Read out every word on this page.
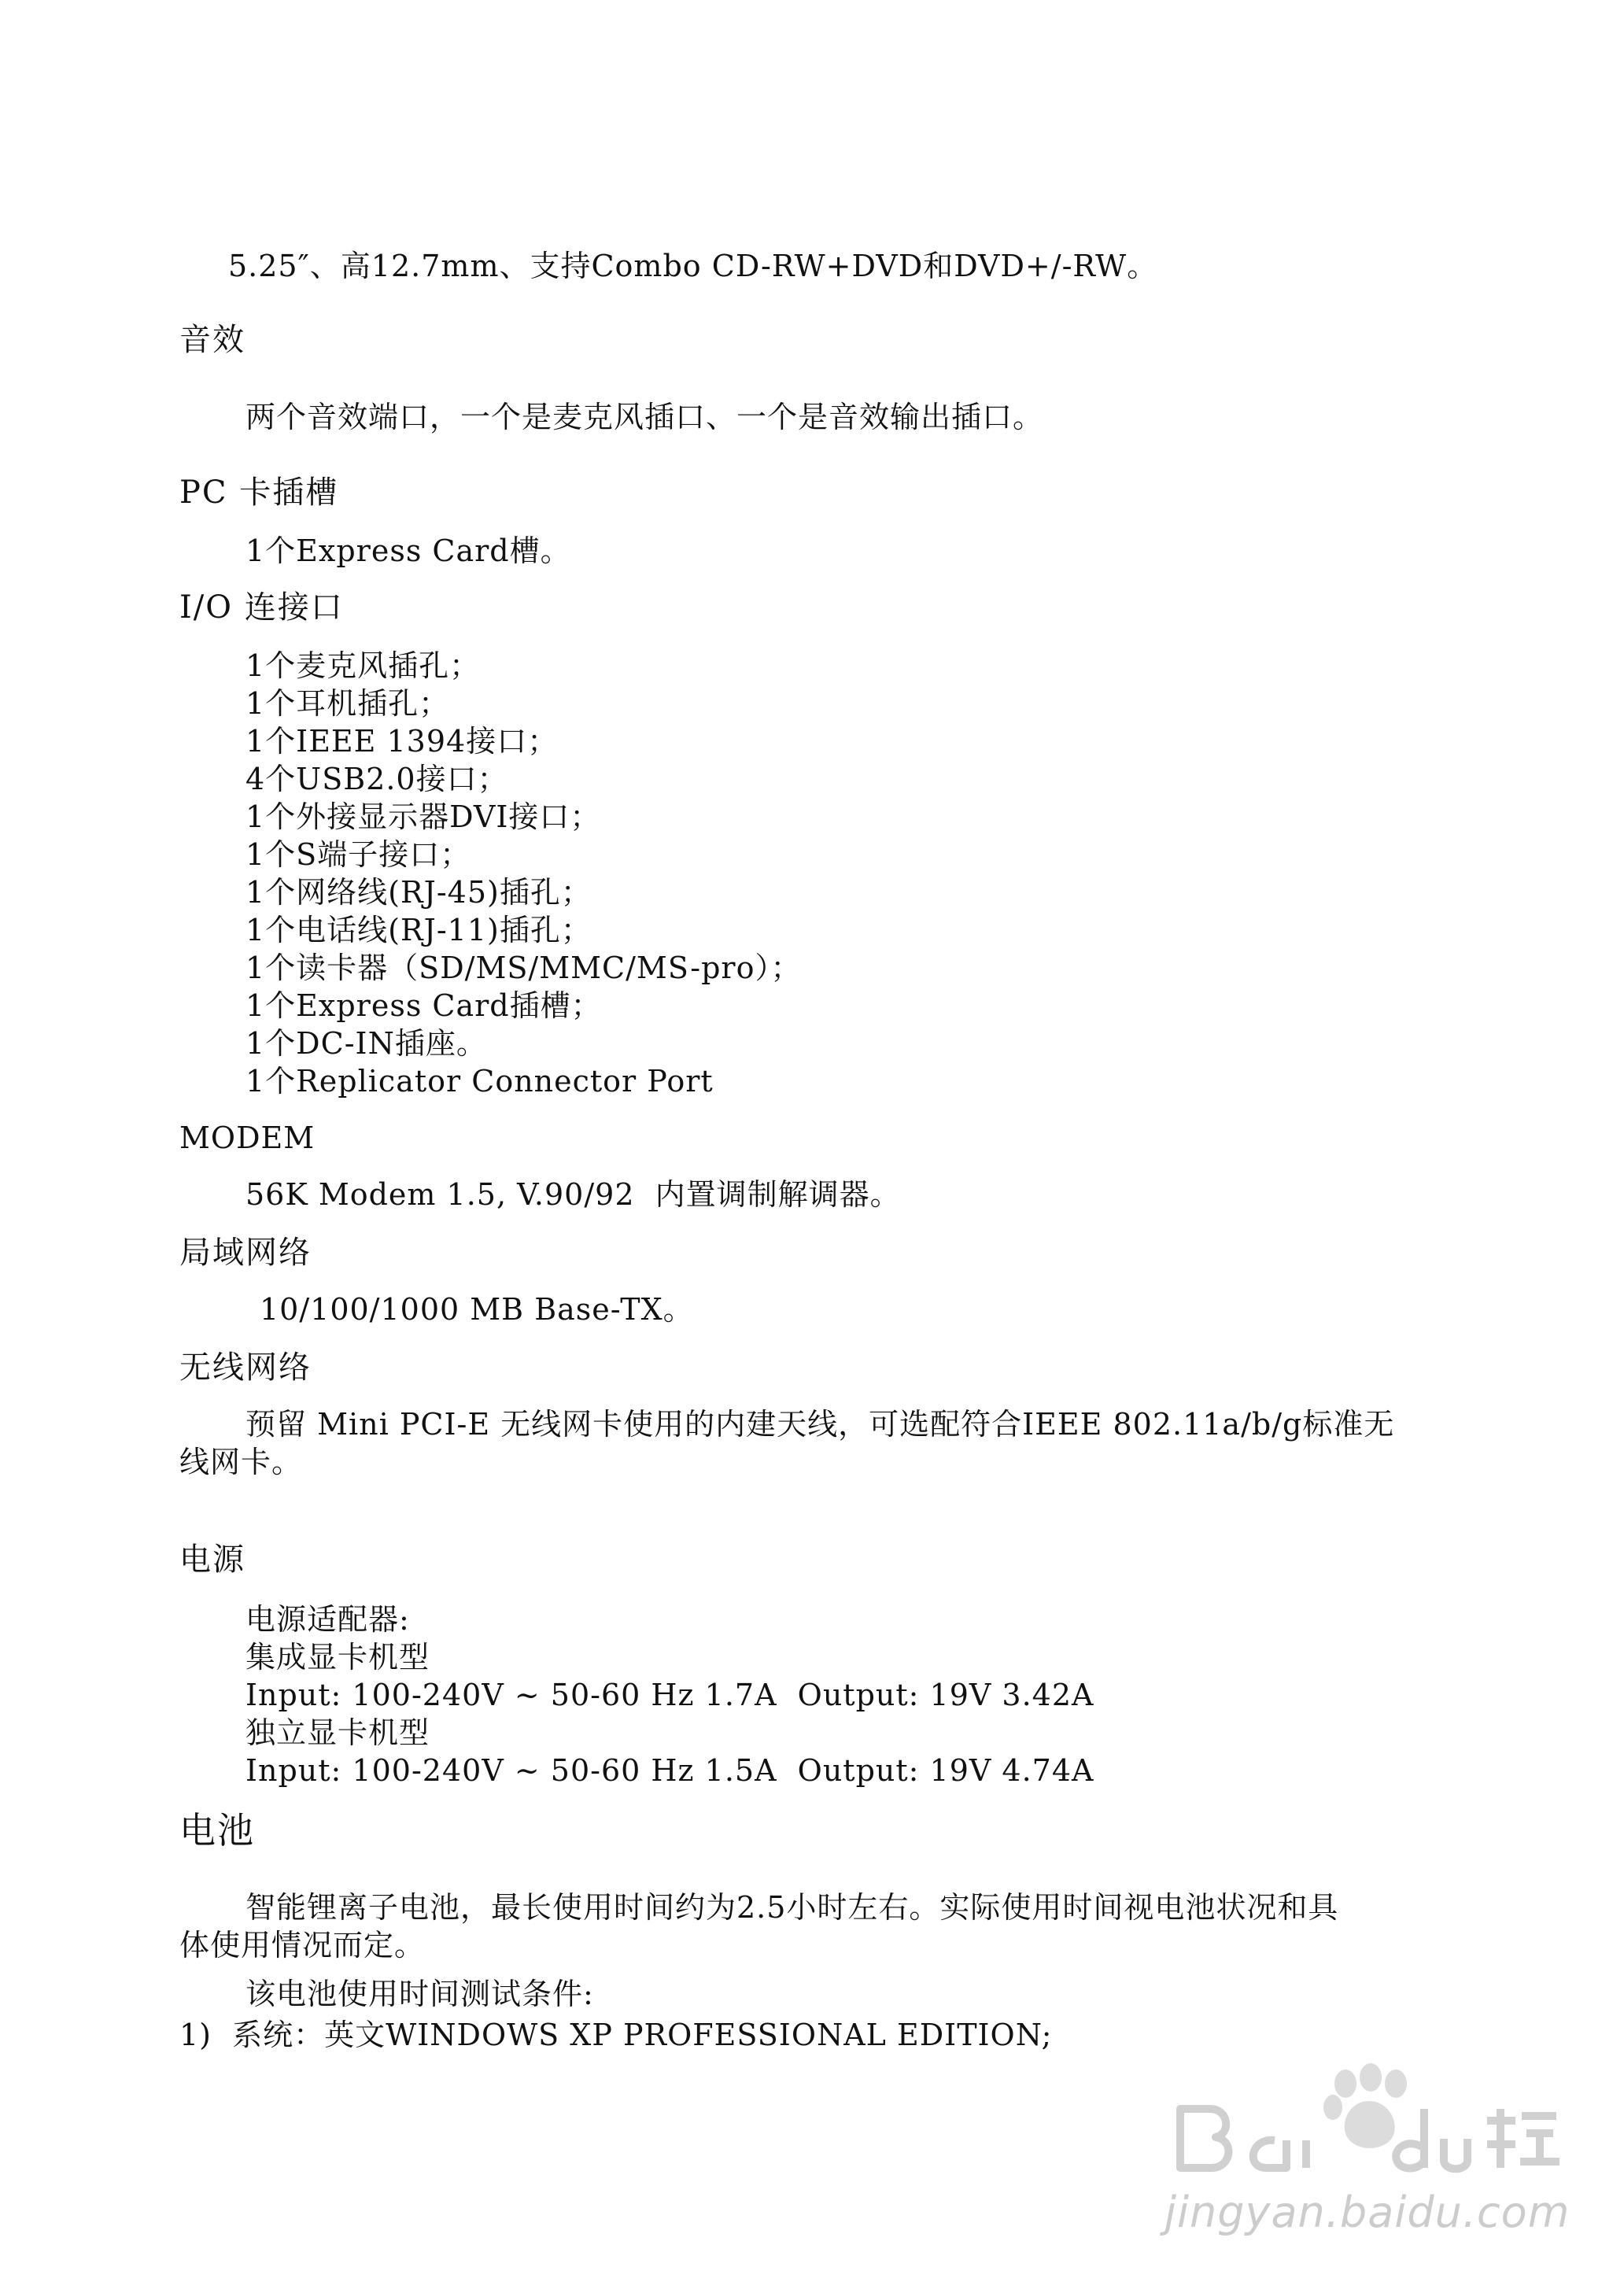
5.25″、高12.7mm、支持Combo CD-RW+DVD和DVD+/-RW。
音效
两个音效端口，一个是麦克风插口、一个是音效输出插口。
PC 卡插槽
1个Express Card槽。
I/O 连接口
1个麦克风插孔；
1个耳机插孔；
1个IEEE 1394接口；
4个USB2.0接口；
1个外接显示器DVI接口；
1个S端子接口；
1个网络线(RJ-45)插孔；
1个电话线(RJ-11)插孔；
1个读卡器（SD/MS/MMC/MS-pro）；
1个Express Card插槽；
1个DC-IN插座。
1个Replicator Connector Port
MODEM
56K Modem 1.5, V.90/92  内置调制解调器。
局域网络
10/100/1000 MB Base-TX。
无线网络
预留 Mini PCI-E 无线网卡使用的内建天线，可选配符合IEEE 802.11a/b/g标准无
线网卡。
电源
电源适配器:
集成显卡机型
Input: 100-240V ~ 50-60 Hz 1.7A  Output: 19V 3.42A
独立显卡机型
Input: 100-240V ~ 50-60 Hz 1.5A  Output: 19V 4.74A
电池
智能锂离子电池，最长使用时间约为2.5小时左右。实际使用时间视电池状况和具
体使用情况而定。
该电池使用时间测试条件:
1)  系统：英文WINDOWS XP PROFESSIONAL EDITION;
jingyan.baidu.com
